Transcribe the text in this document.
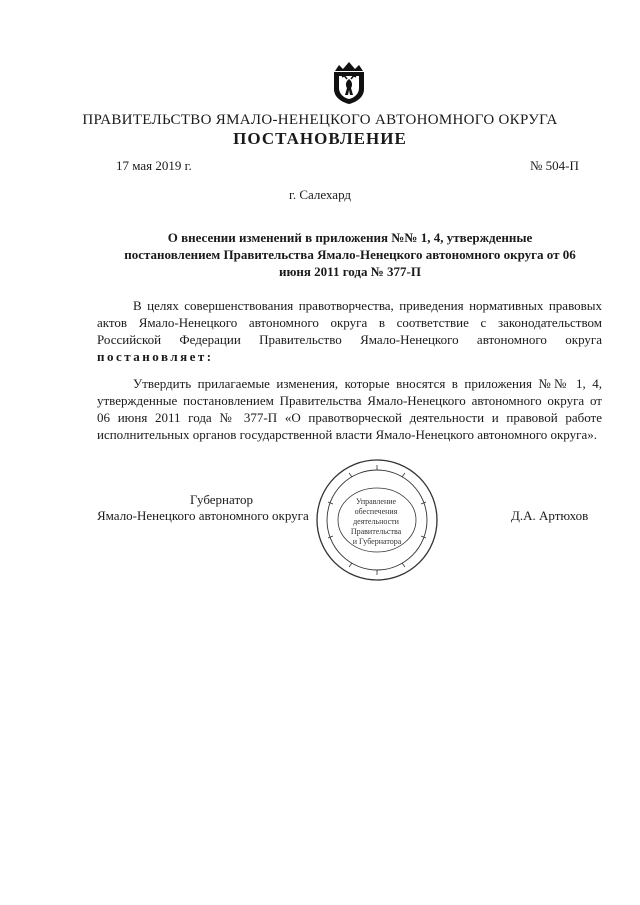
ПРАВИТЕЛЬСТВО ЯМАЛО-НЕНЕЦКОГО АВТОНОМНОГО ОКРУГА
ПОСТАНОВЛЕНИЕ
17 мая 2019 г.	№ 504-П
г. Салехард
О внесении изменений в приложения №№ 1, 4, утвержденные постановлением Правительства Ямало-Ненецкого автономного округа от 06 июня 2011 года № 377-П

В целях совершенствования правотворчества, приведения нормативных правовых актов Ямало-Ненецкого автономного округа в соответствие с законодательством Российской Федерации Правительство Ямало-Ненецкого автономного округа постановляет:

Утвердить прилагаемые изменения, которые вносятся в приложения №№ 1, 4, утвержденные постановлением Правительства Ямало-Ненецкого автономного округа от 06 июня 2011 года № 377-П «О правотворческой деятельности и правовой работе исполнительных органов государственной власти Ямало-Ненецкого автономного округа».

Губернатор
Ямало-Ненецкого автономного округа	Д.А. Артюхов
Управление обеспечения деятельности Правительства и Губернатора
